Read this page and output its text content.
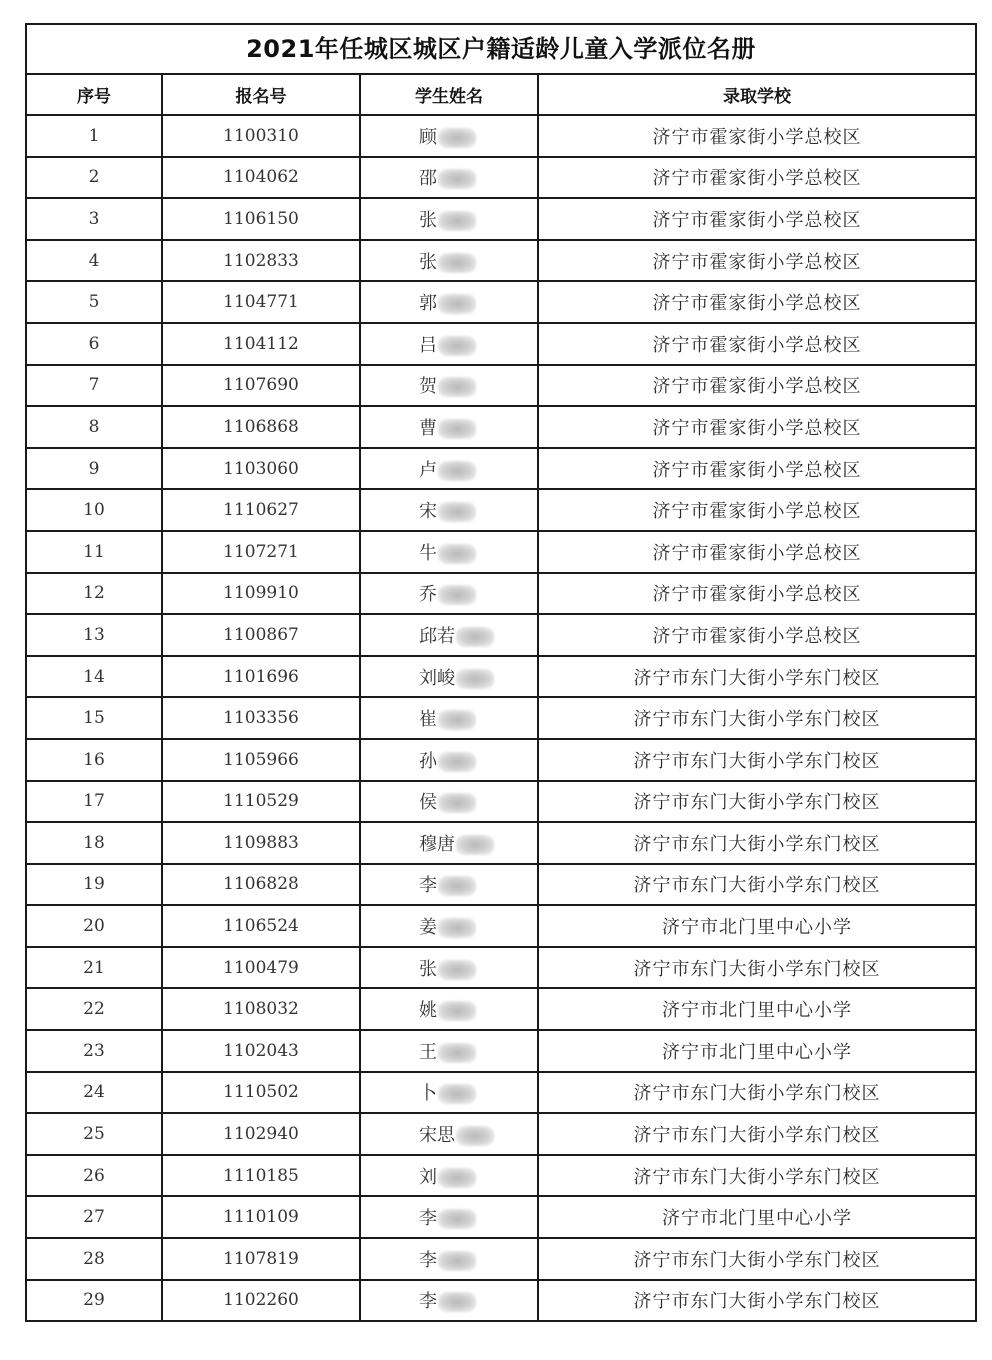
2021年任城区城区户籍适龄儿童入学派位名册
序号	报名号	学生姓名	录取学校
1	1100310	顾	济宁市霍家街小学总校区
2	1104062	邵	济宁市霍家街小学总校区
3	1106150	张	济宁市霍家街小学总校区
4	1102833	张	济宁市霍家街小学总校区
5	1104771	郭	济宁市霍家街小学总校区
6	1104112	吕	济宁市霍家街小学总校区
7	1107690	贺	济宁市霍家街小学总校区
8	1106868	曹	济宁市霍家街小学总校区
9	1103060	卢	济宁市霍家街小学总校区
10	1110627	宋	济宁市霍家街小学总校区
11	1107271	牛	济宁市霍家街小学总校区
12	1109910	乔	济宁市霍家街小学总校区
13	1100867	邱若	济宁市霍家街小学总校区
14	1101696	刘峻	济宁市东门大街小学东门校区
15	1103356	崔	济宁市东门大街小学东门校区
16	1105966	孙	济宁市东门大街小学东门校区
17	1110529	侯	济宁市东门大街小学东门校区
18	1109883	穆唐	济宁市东门大街小学东门校区
19	1106828	李	济宁市东门大街小学东门校区
20	1106524	姜	济宁市北门里中心小学
21	1100479	张	济宁市东门大街小学东门校区
22	1108032	姚	济宁市北门里中心小学
23	1102043	王	济宁市北门里中心小学
24	1110502	卜	济宁市东门大街小学东门校区
25	1102940	宋思	济宁市东门大街小学东门校区
26	1110185	刘	济宁市东门大街小学东门校区
27	1110109	李	济宁市北门里中心小学
28	1107819	李	济宁市东门大街小学东门校区
29	1102260	李	济宁市东门大街小学东门校区
